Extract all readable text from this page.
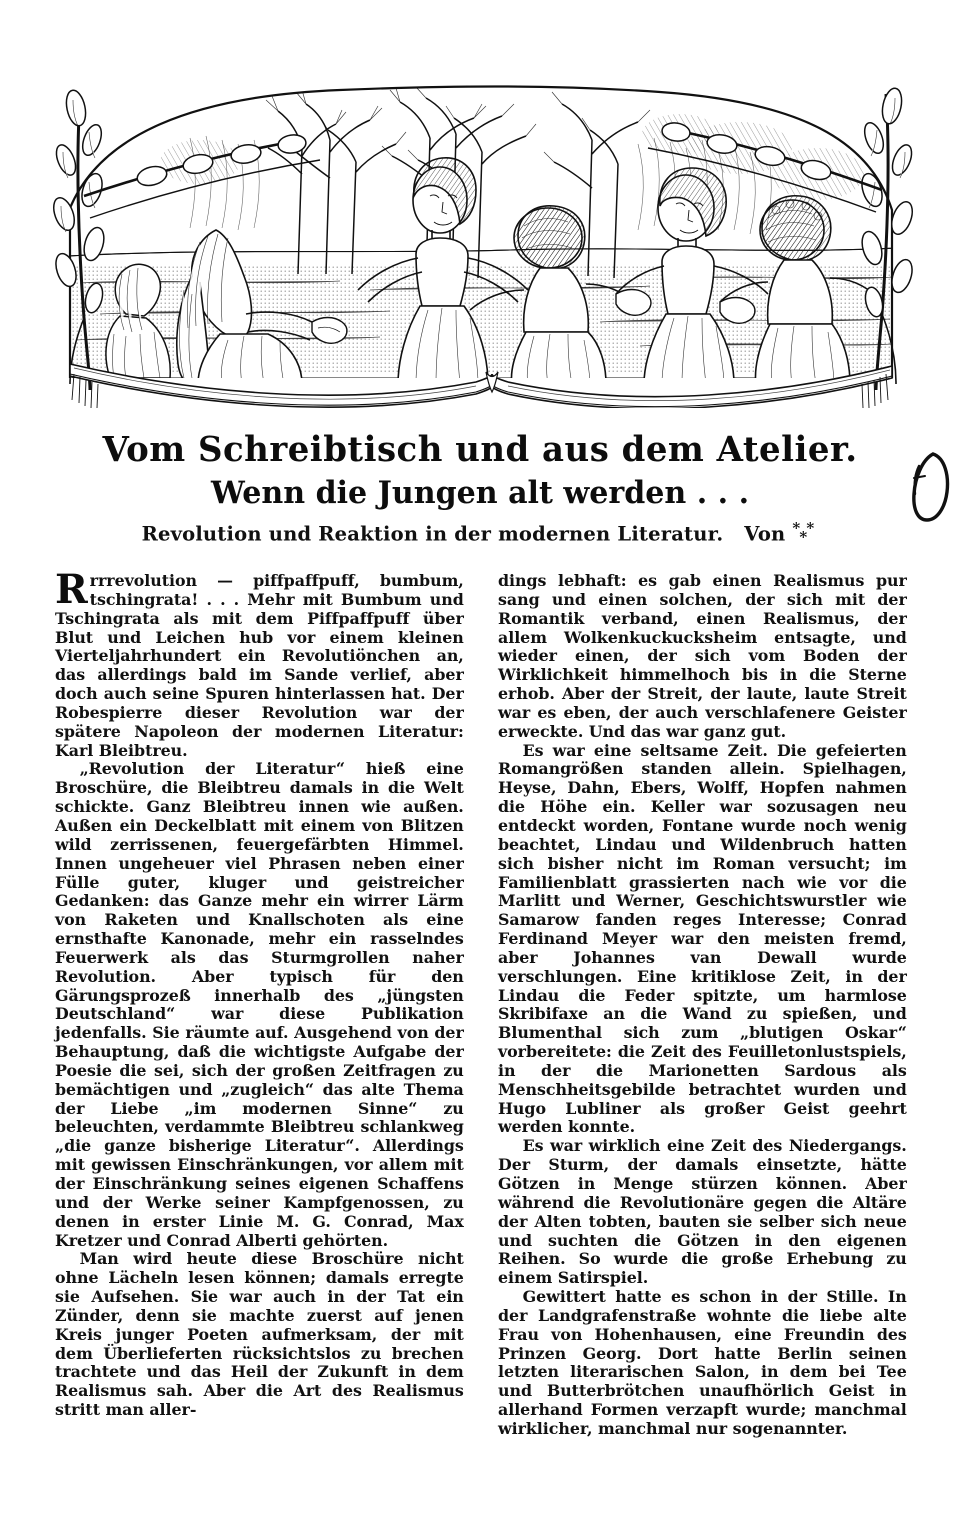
Vom Schreibtisch und aus dem Atelier.
Wenn die Jungen alt werden . . .
Revolution und Reaktion in der modernen Literatur. Von * *
*

Rrrrevolution — piffpaffpuff, bumbum, tschingrata! . . . Mehr mit Bumbum und Tschingrata als mit dem Piffpaffpuff über Blut und Leichen hub vor einem kleinen Vierteljahrhundert ein Revolutiönchen an, das allerdings bald im Sande verlief, aber doch auch seine Spuren hinterlassen hat. Der Robespierre dieser Revolution war der spätere Napoleon der modernen Literatur: Karl Bleibtreu.

„Revolution der Literatur“ hieß eine Broschüre, die Bleibtreu damals in die Welt schickte. Ganz Bleibtreu innen wie außen. Außen ein Deckelblatt mit einem von Blitzen wild zerrissenen, feuergefärbten Himmel. Innen ungeheuer viel Phrasen neben einer Fülle guter, kluger und geistreicher Gedanken: das Ganze mehr ein wirrer Lärm von Raketen und Knallschoten als eine ernsthafte Kanonade, mehr ein rasselndes Feuerwerk als das Sturmgrollen naher Revolution. Aber typisch für den Gärungsprozeß innerhalb des „jüngsten Deutschland“ war diese Publikation jedenfalls. Sie räumte auf. Ausgehend von der Behauptung, daß die wichtigste Aufgabe der Poesie die sei, sich der großen Zeitfragen zu bemächtigen und „zugleich“ das alte Thema der Liebe „im modernen Sinne“ zu beleuchten, verdammte Bleibtreu schlankweg „die ganze bisherige Literatur“. Allerdings mit gewissen Einschränkungen, vor allem mit der Einschränkung seines eigenen Schaffens und der Werke seiner Kampfgenossen, zu denen in erster Linie M. G. Conrad, Max Kretzer und Conrad Alberti gehörten.

Man wird heute diese Broschüre nicht ohne Lächeln lesen können; damals erregte sie Aufsehen. Sie war auch in der Tat ein Zünder, denn sie machte zuerst auf jenen Kreis junger Poeten aufmerksam, der mit dem Überlieferten rücksichtslos zu brechen trachtete und das Heil der Zukunft in dem Realismus sah. Aber die Art des Realismus stritt man aller-

dings lebhaft: es gab einen Realismus pur sang und einen solchen, der sich mit der Romantik verband, einen Realismus, der allem Wolkenkuckucksheim entsagte, und wieder einen, der sich vom Boden der Wirklichkeit himmelhoch bis in die Sterne erhob. Aber der Streit, der laute, laute Streit war es eben, der auch verschlafenere Geister erweckte. Und das war ganz gut.

Es war eine seltsame Zeit. Die gefeierten Romangrößen standen allein. Spielhagen, Heyse, Dahn, Ebers, Wolff, Hopfen nahmen die Höhe ein. Keller war sozusagen neu entdeckt worden, Fontane wurde noch wenig beachtet, Lindau und Wildenbruch hatten sich bisher nicht im Roman versucht; im Familienblatt grassierten nach wie vor die Marlitt und Werner, Geschichtswurstler wie Samarow fanden reges Interesse; Conrad Ferdinand Meyer war den meisten fremd, aber Johannes van Dewall wurde verschlungen. Eine kritiklose Zeit, in der Lindau die Feder spitzte, um harmlose Skribifaxe an die Wand zu spießen, und Blumenthal sich zum „blutigen Oskar“ vorbereitete: die Zeit des Feuilletonlustspiels, in der die Marionetten Sardous als Menschheitsgebilde betrachtet wurden und Hugo Lubliner als großer Geist geehrt werden konnte.

Es war wirklich eine Zeit des Niedergangs. Der Sturm, der damals einsetzte, hätte Götzen in Menge stürzen können. Aber während die Revolutionäre gegen die Altäre der Alten tobten, bauten sie selber sich neue und suchten die Götzen in den eigenen Reihen. So wurde die große Erhebung zu einem Satirspiel.

Gewittert hatte es schon in der Stille. In der Landgrafenstraße wohnte die liebe alte Frau von Hohenhausen, eine Freundin des Prinzen Georg. Dort hatte Berlin seinen letzten literarischen Salon, in dem bei Tee und Butterbrötchen unaufhörlich Geist in allerhand Formen verzapft wurde; manchmal wirklicher, manchmal nur sogenannter.
